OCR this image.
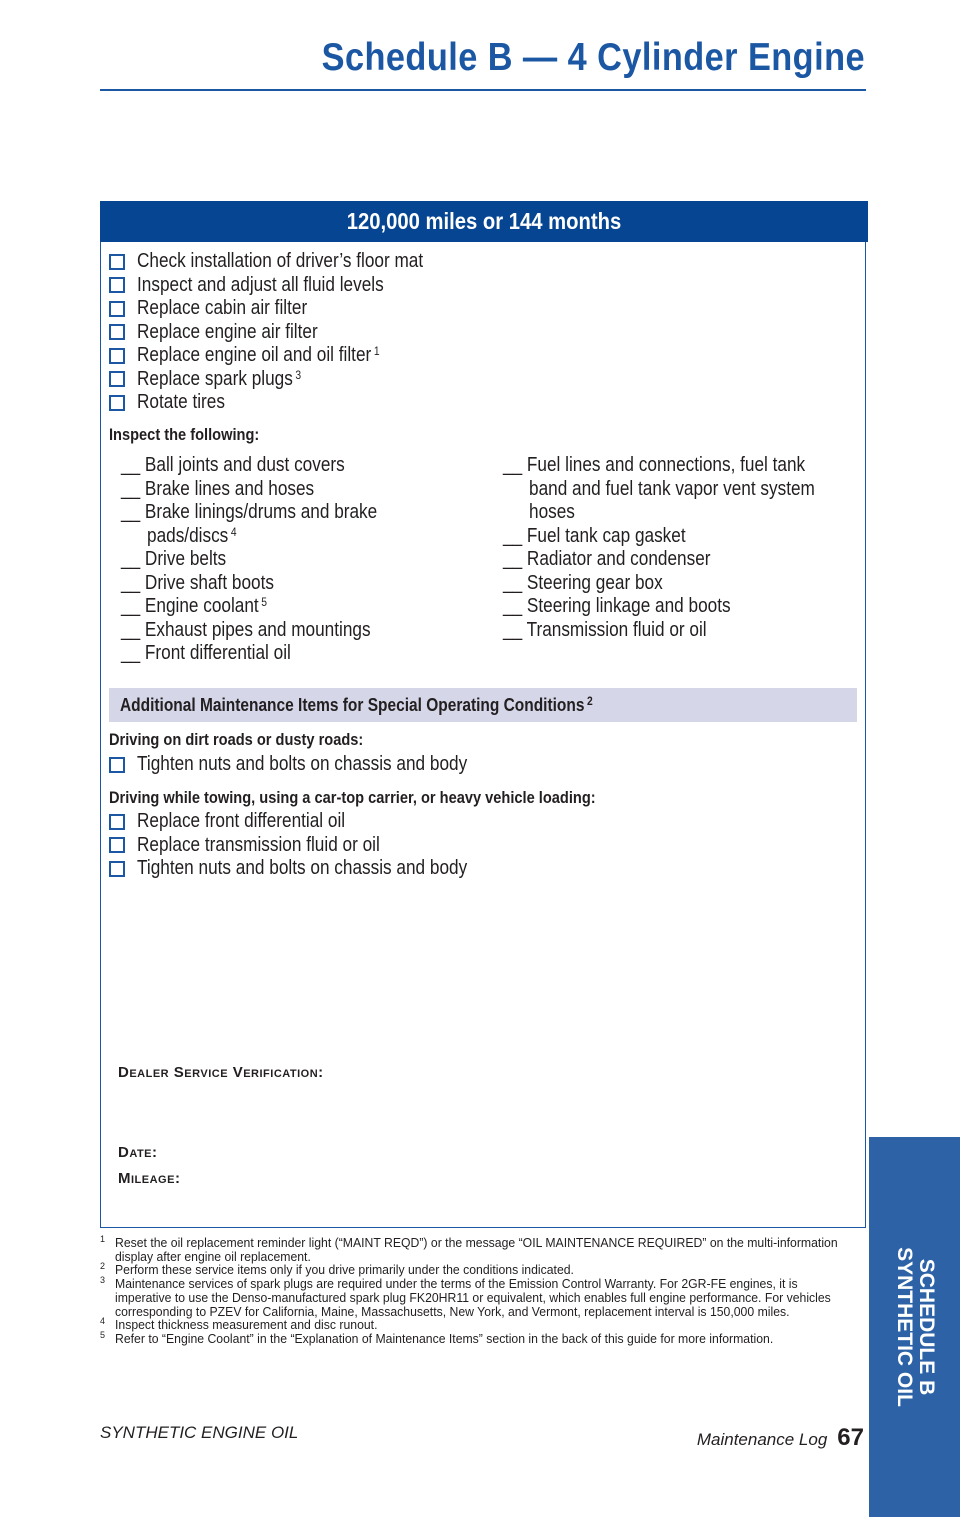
Schedule B — 4 Cylinder Engine
120,000 miles or 144 months
Check installation of driver’s floor mat
Inspect and adjust all fluid levels
Replace cabin air filter
Replace engine air filter
Replace engine oil and oil filter $^1$
Replace spark plugs $^3$
Rotate tires
Inspect the following:
__ Ball joints and dust covers
__ Brake lines and hoses
__ Brake linings/drums and brake
pads/discs $^4$
__ Drive belts
__ Drive shaft boots
__ Engine coolant $^5$
__ Exhaust pipes and mountings
__ Front differential oil
__ Fuel lines and connections, fuel tank
band and fuel tank vapor vent system
hoses
__ Fuel tank cap gasket
__ Radiator and condenser
__ Steering gear box
__ Steering linkage and boots
__ Transmission fluid or oil
Additional Maintenance Items for Special Operating Conditions $^2$
Driving on dirt roads or dusty roads:
Tighten nuts and bolts on chassis and body
Driving while towing, using a car-top carrier, or heavy vehicle loading:
Replace front differential oil
Replace transmission fluid or oil
Tighten nuts and bolts on chassis and body
Dealer Service Verification:
Date:
Mileage:
1 Reset the oil replacement reminder light (“MAINT REQD”) or the message “OIL MAINTENANCE REQUIRED” on the multi-information display after engine oil replacement.
2 Perform these service items only if you drive primarily under the conditions indicated.
3 Maintenance services of spark plugs are required under the terms of the Emission Control Warranty. For 2GR-FE engines, it is imperative to use the Denso-manufactured spark plug FK20HR11 or equivalent, which enables full engine performance. For vehicles corresponding to PZEV for California, Maine, Massachusetts, New York, and Vermont, replacement interval is 150,000 miles.
4 Inspect thickness measurement and disc runout.
5 Refer to “Engine Coolant” in the “Explanation of Maintenance Items” section in the back of this guide for more information.
SYNTHETIC ENGINE OIL	Maintenance Log 67
SCHEDULE B
SYNTHETIC OIL
